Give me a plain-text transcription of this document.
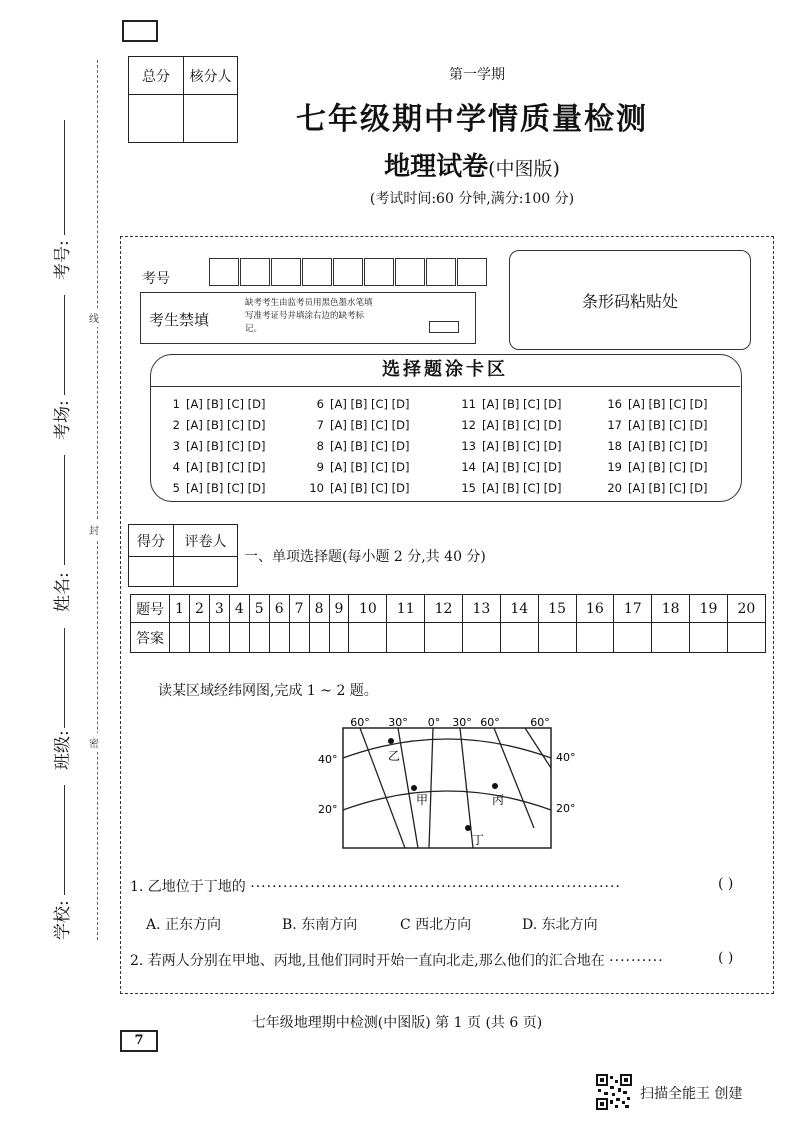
线
封
密
考号:
考场:
姓名:
班级:
学校:
总分	核分人
		第一学期
七年级期中学情质量检测
地理试卷(中图版)
(考试时间:60 分钟,满分:100 分)
考号
考生禁填
缺考考生由监考员用黑色墨水笔填写准考证号并填涂右边的缺考标记。
条形码粘贴处
选择题涂卡区
1 [A] [B] [C] [D]
2 [A] [B] [C] [D]
3 [A] [B] [C] [D]
4 [A] [B] [C] [D]
5 [A] [B] [C] [D]
6 [A] [B] [C] [D]
7 [A] [B] [C] [D]
8 [A] [B] [C] [D]
9 [A] [B] [C] [D]
10 [A] [B] [C] [D]
11 [A] [B] [C] [D]
12 [A] [B] [C] [D]
13 [A] [B] [C] [D]
14 [A] [B] [C] [D]
15 [A] [B] [C] [D]
16 [A] [B] [C] [D]
17 [A] [B] [C] [D]
18 [A] [B] [C] [D]
19 [A] [B] [C] [D]
20 [A] [B] [C] [D]
得分	评卷人

一、单项选择题(每小题 2 分,共 40 分)
题号	1	2	3	4	5	6	7	8	9	10	11	12	13	14	15	16	17	18	19	20
答案																				
读某区域经纬网图,完成 1 ~ 2 题。
60° 30° 0° 30° 60°	60°
40°
20°
40°
20°
乙
甲	丙
丁
1. 乙地位于丁地的 ····································································	( )
A. 正东方向	B. 东南方向	C 西北方向	D. 东北方向
2. 若两人分别在甲地、丙地,且他们同时开始一直向北走,那么他们的汇合地在 ··········	( )
七年级地理期中检测(中图版) 第 1 页 (共 6 页)
7
扫描全能王 创建
